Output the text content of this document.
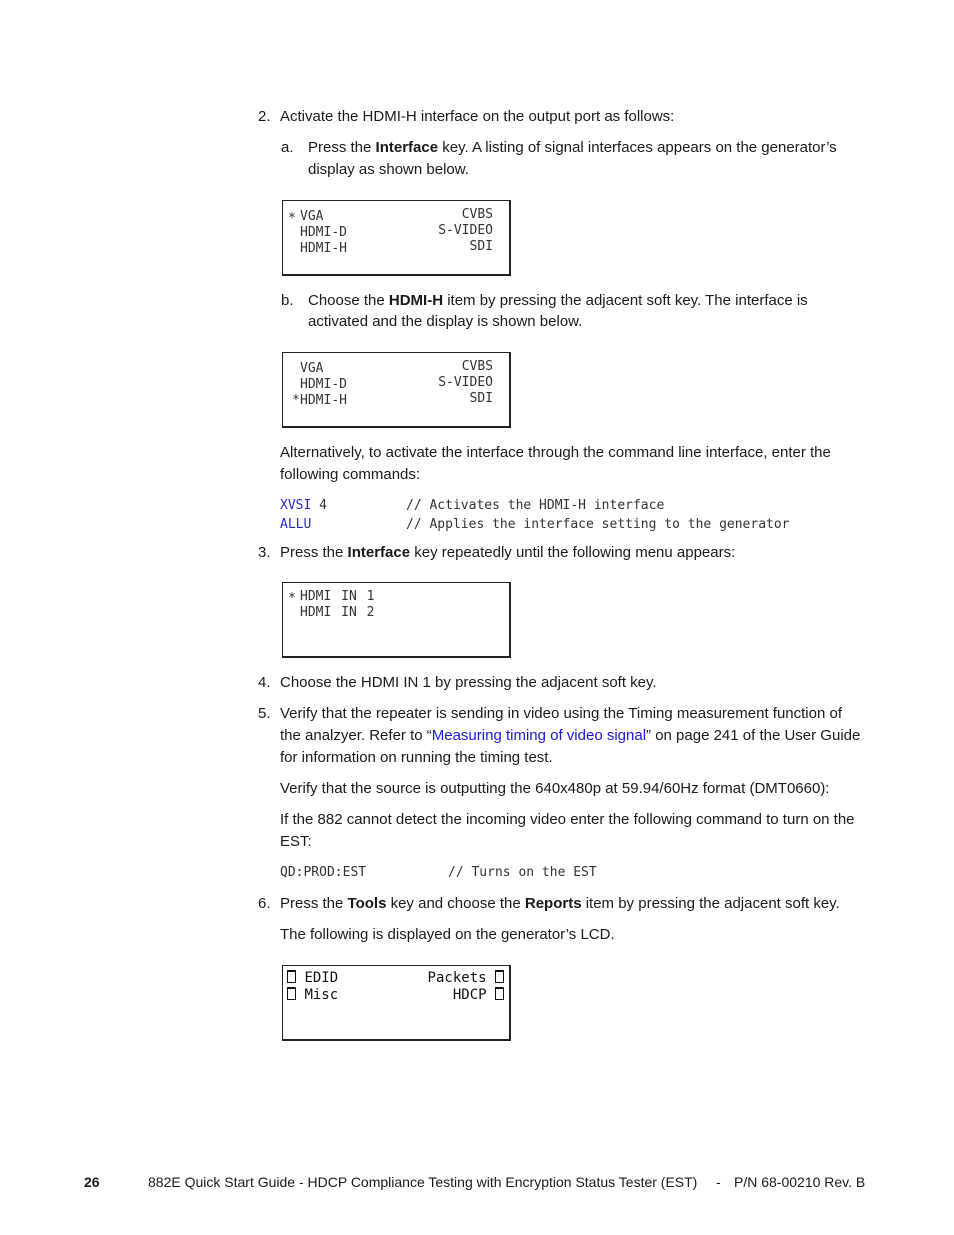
2. Activate the HDMI-H interface on the output port as follows:
a. Press the Interface key. A listing of signal interfaces appears on the generator’s
display as shown below.
* VGA
HDMI-D
HDMI-H
CVBS
S-VIDEO
SDI
b. Choose the HDMI-H item by pressing the adjacent soft key. The interface is
activated and the display is shown below.
VGA
HDMI-D
* HDMI-H
CVBS
S-VIDEO
SDI
Alternatively, to activate the interface through the command line interface, enter the
following commands:
XVSI 4	// Activates the HDMI-H interface
ALLU	// Applies the interface setting to the generator
3. Press the Interface key repeatedly until the following menu appears:
* HDMI IN 1
HDMI IN 2
4. Choose the HDMI IN 1 by pressing the adjacent soft key.
5. Verify that the repeater is sending in video using the Timing measurement function of
the analzyer. Refer to “Measuring timing of video signal” on page 241 of the User Guide
for information on running the timing test.
Verify that the source is outputting the 640x480p at 59.94/60Hz format (DMT0660):
If the 882 cannot detect the incoming video enter the following command to turn on the
EST:
QD:PROD:EST	// Turns on the EST
6. Press the Tools key and choose the Reports item by pressing the adjacent soft key.
The following is displayed on the generator’s LCD.
EDID
Misc
Packets
HDCP
26	882E Quick Start Guide - HDCP Compliance Testing with Encryption Status Tester (EST) - P/N 68-00210 Rev. B
